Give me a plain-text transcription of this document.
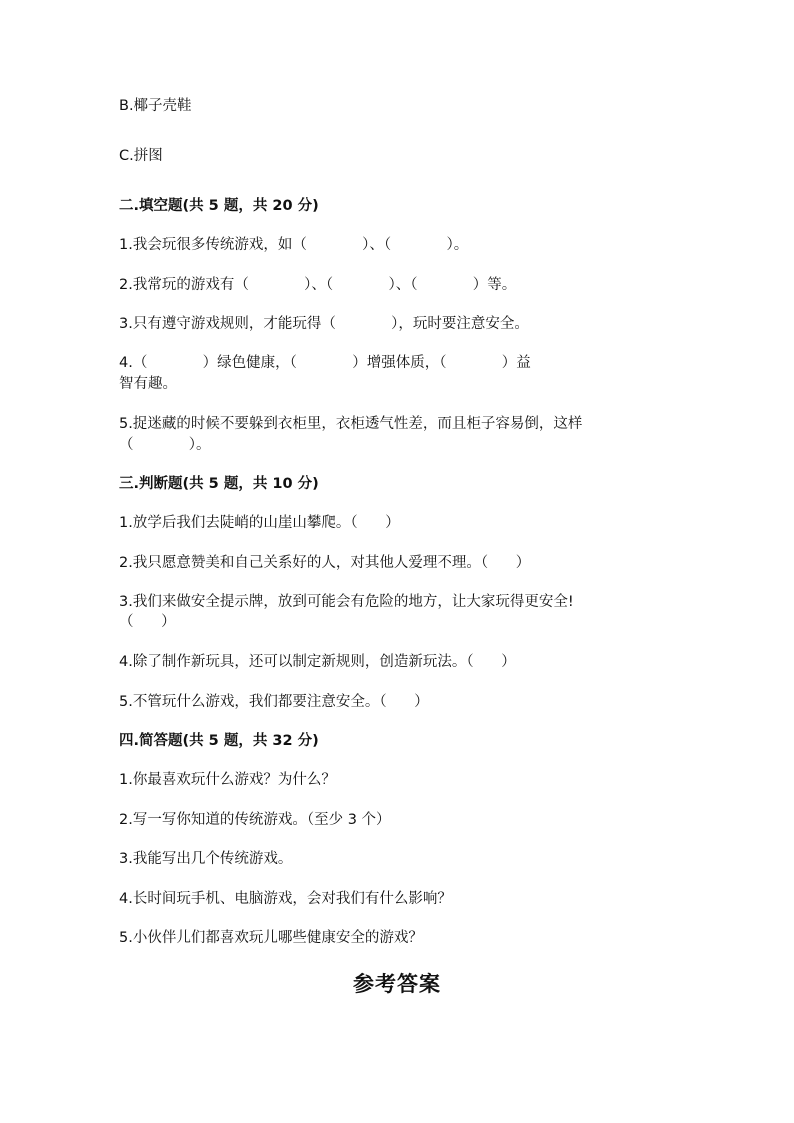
B.椰子壳鞋
C.拼图
二.填空题(共 5 题，共 20 分)
1.我会玩很多传统游戏，如（            ）、（            ）。
2.我常玩的游戏有（            ）、（            ）、（            ）等。
3.只有遵守游戏规则，才能玩得（            ），玩时要注意安全。
4.（            ）绿色健康，（            ）增强体质，（            ）益
智有趣。
5.捉迷藏的时候不要躲到衣柜里，衣柜透气性差，而且柜子容易倒，这样
（            ）。
三.判断题(共 5 题，共 10 分)
1.放学后我们去陡峭的山崖山攀爬。（      ）
2.我只愿意赞美和自己关系好的人，对其他人爱理不理。（      ）
3.我们来做安全提示牌，放到可能会有危险的地方，让大家玩得更安全!
（      ）
4.除了制作新玩具，还可以制定新规则，创造新玩法。（      ）
5.不管玩什么游戏，我们都要注意安全。（      ）
四.简答题(共 5 题，共 32 分)
1.你最喜欢玩什么游戏？为什么？
2.写一写你知道的传统游戏。（至少 3 个）
3.我能写出几个传统游戏。
4.长时间玩手机、电脑游戏，会对我们有什么影响？
5.小伙伴儿们都喜欢玩儿哪些健康安全的游戏？
参考答案
